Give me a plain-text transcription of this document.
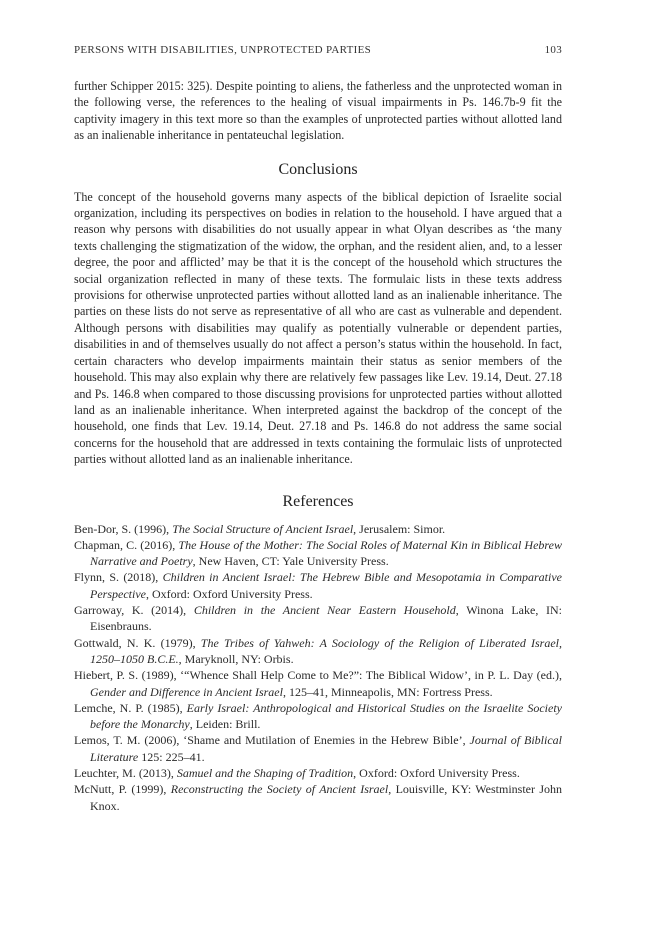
PERSONS WITH DISABILITIES, UNPROTECTED PARTIES	103

further Schipper 2015: 325). Despite pointing to aliens, the fatherless and the unprotected woman in the following verse, the references to the healing of visual impairments in Ps. 146.7b-9 fit the captivity imagery in this text more so than the examples of unprotected parties without allotted land as an inalienable inheritance in pentateuchal legislation.

Conclusions

The concept of the household governs many aspects of the biblical depiction of Israelite social organization, including its perspectives on bodies in relation to the household. I have argued that a reason why persons with disabilities do not usually appear in what Olyan describes as ‘the many texts challenging the stigmatization of the widow, the orphan, and the resident alien, and, to a lesser degree, the poor and afflicted’ may be that it is the concept of the household which structures the social organization reflected in many of these texts. The formulaic lists in these texts address provisions for otherwise unprotected parties without allotted land as an inalienable inheritance. The parties on these lists do not serve as representative of all who are cast as vulnerable and dependent. Although persons with disabilities may qualify as potentially vulnerable or dependent parties, disabilities in and of themselves usually do not affect a person’s status within the household. In fact, certain characters who develop impairments maintain their status as senior members of the household. This may also explain why there are relatively few passages like Lev. 19.14, Deut. 27.18 and Ps. 146.8 when compared to those discussing provisions for unprotected parties without allotted land as an inalienable inheritance. When interpreted against the backdrop of the concept of the household, one finds that Lev. 19.14, Deut. 27.18 and Ps. 146.8 do not address the same social concerns for the household that are addressed in texts containing the formulaic lists of unprotected parties without allotted land as an inalienable inheritance.

References

Ben-Dor, S. (1996), The Social Structure of Ancient Israel, Jerusalem: Simor.

Chapman, C. (2016), The House of the Mother: The Social Roles of Maternal Kin in Biblical Hebrew Narrative and Poetry, New Haven, CT: Yale University Press.

Flynn, S. (2018), Children in Ancient Israel: The Hebrew Bible and Mesopotamia in Comparative Perspective, Oxford: Oxford University Press.

Garroway, K. (2014), Children in the Ancient Near Eastern Household, Winona Lake, IN: Eisenbrauns.

Gottwald, N. K. (1979), The Tribes of Yahweh: A Sociology of the Religion of Liberated Israel, 1250–1050 B.C.E., Maryknoll, NY: Orbis.

Hiebert, P. S. (1989), ‘“Whence Shall Help Come to Me?”: The Biblical Widow’, in P. L. Day (ed.), Gender and Difference in Ancient Israel, 125–41, Minneapolis, MN: Fortress Press.

Lemche, N. P. (1985), Early Israel: Anthropological and Historical Studies on the Israelite Society before the Monarchy, Leiden: Brill.

Lemos, T. M. (2006), ‘Shame and Mutilation of Enemies in the Hebrew Bible’, Journal of Biblical Literature 125: 225–41.

Leuchter, M. (2013), Samuel and the Shaping of Tradition, Oxford: Oxford University Press.

McNutt, P. (1999), Reconstructing the Society of Ancient Israel, Louisville, KY: Westminster John Knox.
